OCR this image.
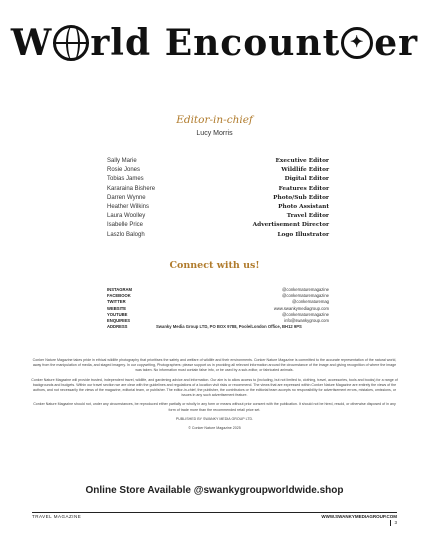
W rld Encount✦ er
Editor-in-chief
Lucy Morris
Sally Marie	Executive Editor
Rosie Jones	Wildlife Editor
Tobias James	Digital Editor
Kararaina Bishere	Features Editor
Darren Wynne	Photo/Sub Editor
Heather Wilkins	Photo Assistant
Laura Woolley	Travel Editor
Isabelle Price	Advertisement Director
Laszlo Balogh	Logo Illustrator
Connect with us!
INSTAGRAM	@conkernaturemagazine
FACEBOOK	@conkernaturemagazine
TWITTER	@conkernaturemag
WEBSITE	www.swankymediagroup.com
YOUTUBE	@conkernaturemagazine
ENQUIRIES	info@swankygroup.com
ADDRESS	Swanky Media Group LTD, PO BOX 9788, Poole/London Office, BH12 9PS

Conker Nature Magazine takes pride in ethical wildlife photography that prioritises the safety and welfare of wildlife and their environments. Conker Nature Magazine is committed to the accurate representation of the natural world, away from the manipulation of media, and staged imagery. In our copywriting, Photographers: please support us in providing all relevant information around the circumstance of the image and giving recognition of where the image was taken. No information must contain false info, or be used by a sub-editor, or fabricated animals.

Conker Nature Magazine will provide trusted, independent travel, wildlife, and gardening advice and information. Our aim is to allow access to (including, but not limited to, clothing, travel, accessories, tools and books) for a range of backgrounds and budgets. Within our travel section we are clear with the guidelines and regulations of a location visit risks or recommend. The views that are expressed within Conker Nature Magazine are entirely the views of the authors, and not necessarily the views of the magazine, editorial team, or publisher. The editor-in-chief, the publisher, the contributors or the editorial team accepts no responsibility for advertisement errors, mistakes, omissions, or issues in any such advertisement feature.

Conker Nature Magazine should not, under any circumstances, be reproduced either partially or wholly in any form or means without prior consent with the publication. It should not be hired, resold, or otherwise disposed of in any form of trade more than the recommended retail price set.

PUBLISHED BY SWANKY MEDIA GROUP LTD.

© Conker Nature Magazine 2025

Online Store Available @swankygroupworldwide.shop
TRAVEL MAGAZINE	WWW.SWANKYMEDIAGROUP.COM
3
